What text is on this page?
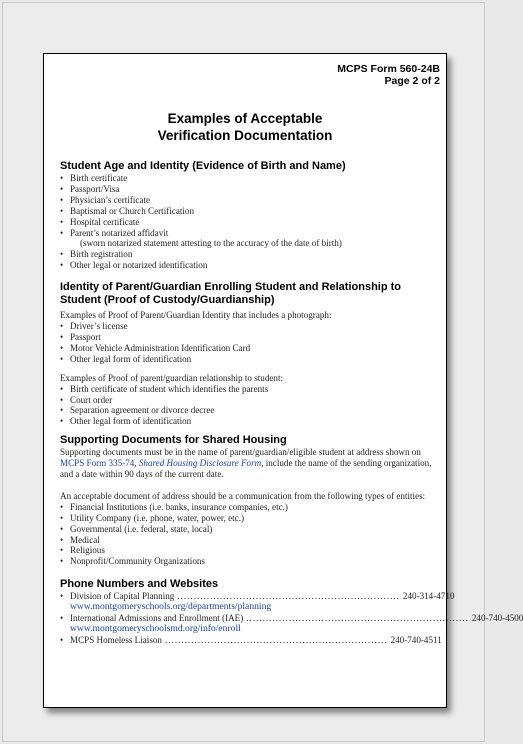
MCPS Form 560-24B
Page 2 of 2
Examples of Acceptable
Verification Documentation
Student Age and Identity (Evidence of Birth and Name)
• Birth certificate
• Passport/Visa
• Physician’s certificate
• Baptismal or Church Certification
• Hospital certificate
• Parent’s notarized affidavit
(sworn notarized statement attesting to the accuracy of the date of birth)
• Birth registration
• Other legal or notarized identification
Identity of Parent/Guardian Enrolling Student and Relationship to
Student (Proof of Custody/Guardianship)

Examples of Proof of Parent/Guardian Identity that includes a photograph:

• Driver’s license
• Passport
• Motor Vehicle Administration Identification Card
• Other legal form of identification

Examples of Proof of parent/guardian relationship to student:

• Birth certificate of student which identifies the parents
• Court order
• Separation agreement or divorce decree
• Other legal form of identification
Supporting Documents for Shared Housing

Supporting documents must be in the name of parent/guardian/eligible student at address shown on MCPS Form 335-74, Shared Housing Disclosure Form, include the name of the sending organization, and a date within 90 days of the current date.

An acceptable document of address should be a communication from the following types of entities:

• Financial Institutions (i.e. banks, insurance companies, etc.)
• Utility Company (i.e. phone, water, power, etc.)
• Governmental (i.e. federal, state, local)
• Medical
• Religious
• Nonprofit/Community Organizations
Phone Numbers and Websites
• Division of Capital Planning .................................................................... 240-314-4710
www.montgomeryschools.org/departments/planning
• International Admissions and Enrollment (IAE) .................................................................... 240-740-4500
www.montgomeryschoolsmd.org/info/enroll
• MCPS Homeless Liaison .................................................................... 240-740-4511
